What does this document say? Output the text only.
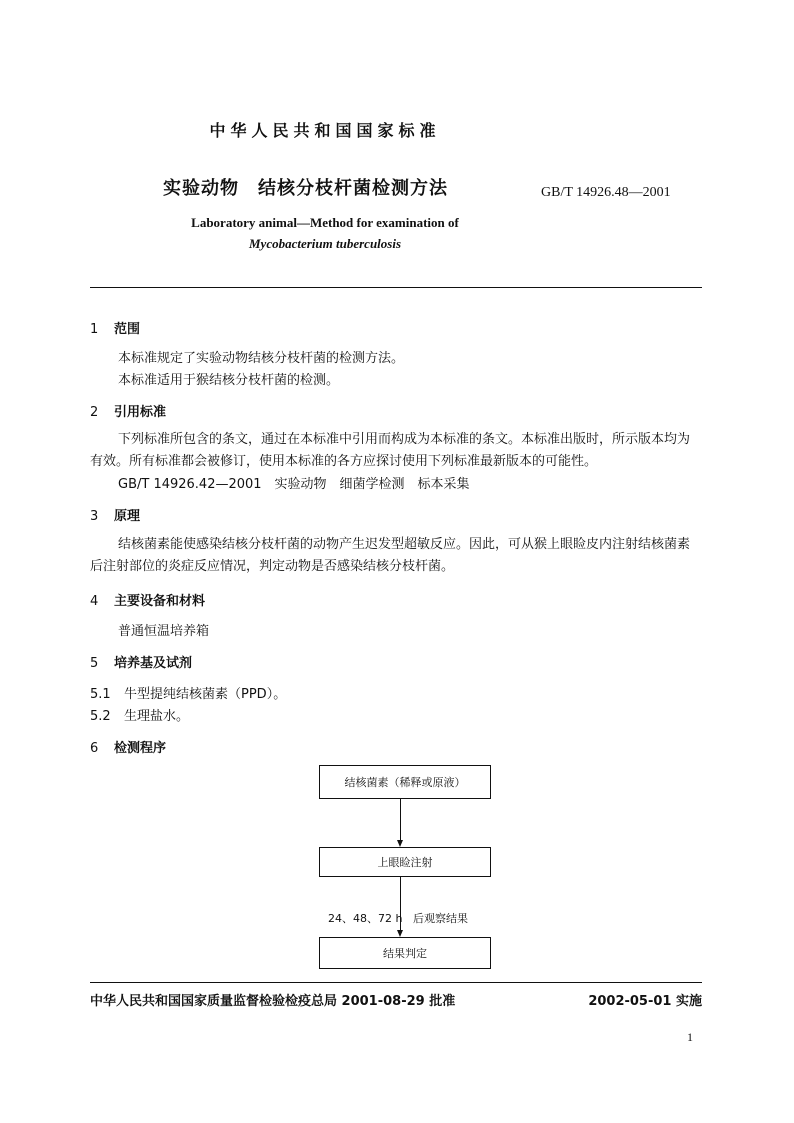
中华人民共和国国家标准
实验动物　结核分枝杆菌检测方法	GB/T 14926.48—2001
Laboratory animal—Method for examination of
Mycobacterium tuberculosis
1 范围
本标准规定了实验动物结核分枝杆菌的检测方法。
本标准适用于猴结核分枝杆菌的检测。
2 引用标准
下列标准所包含的条文，通过在本标准中引用而构成为本标准的条文。本标准出版时，所示版本均为有效。所有标准都会被修订，使用本标准的各方应探讨使用下列标准最新版本的可能性。
GB/T 14926.42—2001　实验动物　细菌学检测　标本采集
3 原理
结核菌素能使感染结核分枝杆菌的动物产生迟发型超敏反应。因此，可从猴上眼睑皮内注射结核菌素后注射部位的炎症反应情况，判定动物是否感染结核分枝杆菌。
4 主要设备和材料
普通恒温培养箱
5 培养基及试剂
5.1 牛型提纯结核菌素（PPD）。
5.2 生理盐水。
6 检测程序
结核菌素（稀释或原液）
上眼睑注射
24、48、72 h 后观察结果
结果判定
中华人民共和国国家质量监督检验检疫总局 2001-08-29 批准	2002-05-01 实施
1
